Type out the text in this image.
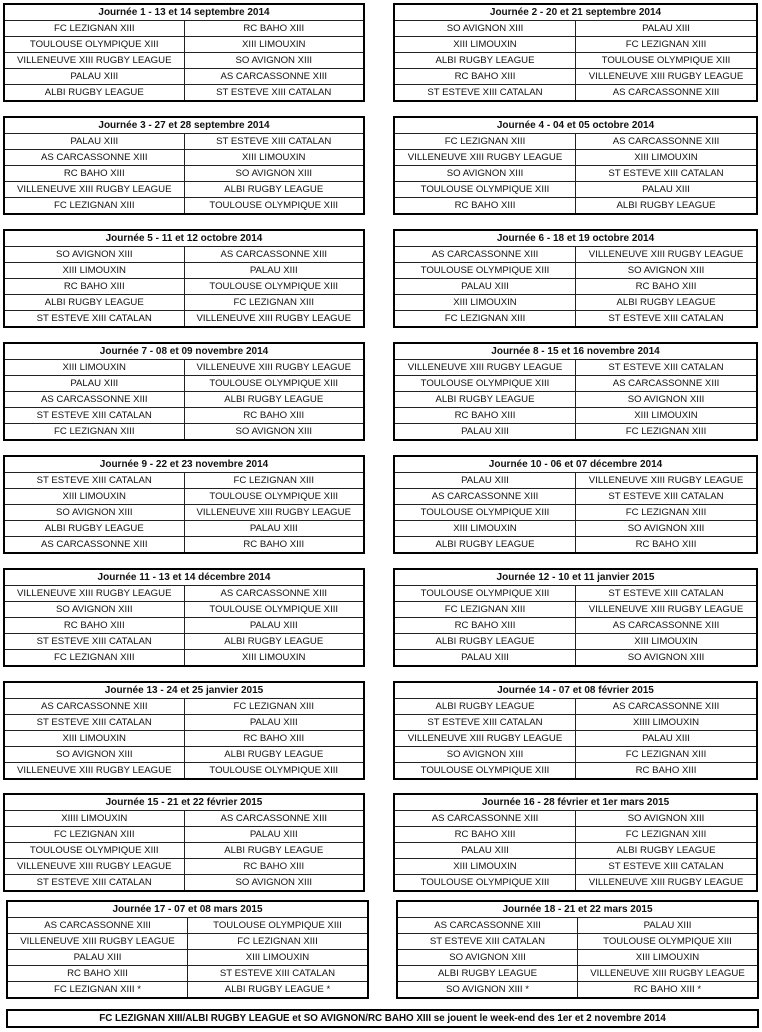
Journée 1 - 13 et 14 septembre 2014	
FC LEZIGNAN XIII	RC BAHO XIII
TOULOUSE OLYMPIQUE XIII	XIII LIMOUXIN
VILLENEUVE XIII RUGBY LEAGUE	SO AVIGNON XIII
PALAU XIII	AS CARCASSONNE XIII
ALBI RUGBY LEAGUE	ST ESTEVE XIII CATALAN
Journée 2 - 20 et 21 septembre 2014	
SO AVIGNON XIII	PALAU XIII
XIII LIMOUXIN	FC LEZIGNAN XIII
ALBI RUGBY LEAGUE	TOULOUSE OLYMPIQUE XIII
RC BAHO XIII	VILLENEUVE XIII RUGBY LEAGUE
ST ESTEVE XIII CATALAN	AS CARCASSONNE XIII
Journée 3 - 27 et 28 septembre 2014	
PALAU XIII	ST ESTEVE XIII CATALAN
AS CARCASSONNE XIII	XIII LIMOUXIN
RC BAHO XIII	SO AVIGNON XIII
VILLENEUVE XIII RUGBY LEAGUE	ALBI RUGBY LEAGUE
FC LEZIGNAN XIII	TOULOUSE OLYMPIQUE XIII
Journée 4 - 04 et 05 octobre 2014	
FC LEZIGNAN XIII	AS CARCASSONNE XIII
VILLENEUVE XIII RUGBY LEAGUE	XIII LIMOUXIN
SO AVIGNON XIII	ST ESTEVE XIII CATALAN
TOULOUSE OLYMPIQUE XIII	PALAU XIII
RC BAHO XIII	ALBI RUGBY LEAGUE
Journée 5 - 11 et 12 octobre 2014	
SO AVIGNON XIII	AS CARCASSONNE XIII
XIII LIMOUXIN	PALAU XIII
RC BAHO XIII	TOULOUSE OLYMPIQUE XIII
ALBI RUGBY LEAGUE	FC LEZIGNAN XIII
ST ESTEVE XIII CATALAN	VILLENEUVE XIII RUGBY LEAGUE
Journée 6 - 18 et 19 octobre 2014	
AS CARCASSONNE XIII	VILLENEUVE XIII RUGBY LEAGUE
TOULOUSE OLYMPIQUE XIII	SO AVIGNON XIII
PALAU XIII	RC BAHO XIII
XIII LIMOUXIN	ALBI RUGBY LEAGUE
FC LEZIGNAN XIII	ST ESTEVE XIII CATALAN
Journée 7 - 08 et 09 novembre 2014	
XIII LIMOUXIN	VILLENEUVE XIII RUGBY LEAGUE
PALAU XIII	TOULOUSE OLYMPIQUE XIII
AS CARCASSONNE XIII	ALBI RUGBY LEAGUE
ST ESTEVE XIII CATALAN	RC BAHO XIII
FC LEZIGNAN XIII	SO AVIGNON XIII
Journée 8 - 15 et 16 novembre 2014	
VILLENEUVE XIII RUGBY LEAGUE	ST ESTEVE XIII CATALAN
TOULOUSE OLYMPIQUE XIII	AS CARCASSONNE XIII
ALBI RUGBY LEAGUE	SO AVIGNON XIII
RC BAHO XIII	XIII LIMOUXIN
PALAU XIII	FC LEZIGNAN XIII
Journée 9 - 22 et 23 novembre 2014	
ST ESTEVE XIII CATALAN	FC LEZIGNAN XIII
XIII LIMOUXIN	TOULOUSE OLYMPIQUE XIII
SO AVIGNON XIII	VILLENEUVE XIII RUGBY LEAGUE
ALBI RUGBY LEAGUE	PALAU XIII
AS CARCASSONNE XIII	RC BAHO XIII
Journée 10 - 06 et 07 décembre 2014	
PALAU XIII	VILLENEUVE XIII RUGBY LEAGUE
AS CARCASSONNE XIII	ST ESTEVE XIII CATALAN
TOULOUSE OLYMPIQUE XIII	FC LEZIGNAN XIII
XIII LIMOUXIN	SO AVIGNON XIII
ALBI RUGBY LEAGUE	RC BAHO XIII
Journée 11 - 13 et 14 décembre 2014	
VILLENEUVE XIII RUGBY LEAGUE	AS CARCASSONNE XIII
SO AVIGNON XIII	TOULOUSE OLYMPIQUE XIII
RC BAHO XIII	PALAU XIII
ST ESTEVE XIII CATALAN	ALBI RUGBY LEAGUE
FC LEZIGNAN XIII	XIII LIMOUXIN
Journée 12 - 10 et 11 janvier 2015	
TOULOUSE OLYMPIQUE XIII	ST ESTEVE XIII CATALAN
FC LEZIGNAN XIII	VILLENEUVE XIII RUGBY LEAGUE
RC BAHO XIII	AS CARCASSONNE XIII
ALBI RUGBY LEAGUE	XIII LIMOUXIN
PALAU XIII	SO AVIGNON XIII
Journée 13 - 24 et 25 janvier 2015	
AS CARCASSONNE XIII	FC LEZIGNAN XIII
ST ESTEVE XIII CATALAN	PALAU XIII
XIII LIMOUXIN	RC BAHO XIII
SO AVIGNON XIII	ALBI RUGBY LEAGUE
VILLENEUVE XIII RUGBY LEAGUE	TOULOUSE OLYMPIQUE XIII
Journée 14 - 07 et 08 février 2015	
ALBI RUGBY LEAGUE	AS CARCASSONNE XIII
ST ESTEVE XIII CATALAN	XIIII LIMOUXIN
VILLENEUVE XIII RUGBY LEAGUE	PALAU XIII
SO AVIGNON XIII	FC LEZIGNAN XIII
TOULOUSE OLYMPIQUE XIII	RC BAHO XIII
Journée 15 - 21 et 22 février 2015	
XIIII LIMOUXIN	AS CARCASSONNE XIII
FC LEZIGNAN XIII	PALAU XIII
TOULOUSE OLYMPIQUE XIII	ALBI RUGBY LEAGUE
VILLENEUVE XIII RUGBY LEAGUE	RC BAHO XIII
ST ESTEVE XIII CATALAN	SO AVIGNON XIII
Journée 16 - 28 février et 1er mars 2015	
AS CARCASSONNE XIII	SO AVIGNON XIII
RC BAHO XIII	FC LEZIGNAN XIII
PALAU XIII	ALBI RUGBY LEAGUE
XIII LIMOUXIN	ST ESTEVE XIII CATALAN
TOULOUSE OLYMPIQUE XIII	VILLENEUVE XIII RUGBY LEAGUE
Journée 17 - 07 et 08 mars 2015	
AS CARCASSONNE XIII	TOULOUSE OLYMPIQUE XIII
VILLENEUVE XIII RUGBY LEAGUE	FC LEZIGNAN XIII
PALAU XIII	XIII LIMOUXIN
RC BAHO XIII	ST ESTEVE XIII CATALAN
FC LEZIGNAN XIII *	ALBI RUGBY LEAGUE *
Journée 18 - 21 et 22 mars 2015	
AS CARCASSONNE XIII	PALAU XIII
ST ESTEVE XIII CATALAN	TOULOUSE OLYMPIQUE XIII
SO AVIGNON XIII	XIII LIMOUXIN
ALBI RUGBY LEAGUE	VILLENEUVE XIII RUGBY LEAGUE
SO AVIGNON XIII *	RC BAHO XIII *
FC LEZIGNAN XIII/ALBI RUGBY LEAGUE et SO AVIGNON/RC BAHO XIII se jouent le week-end des 1er et 2 novembre 2014
